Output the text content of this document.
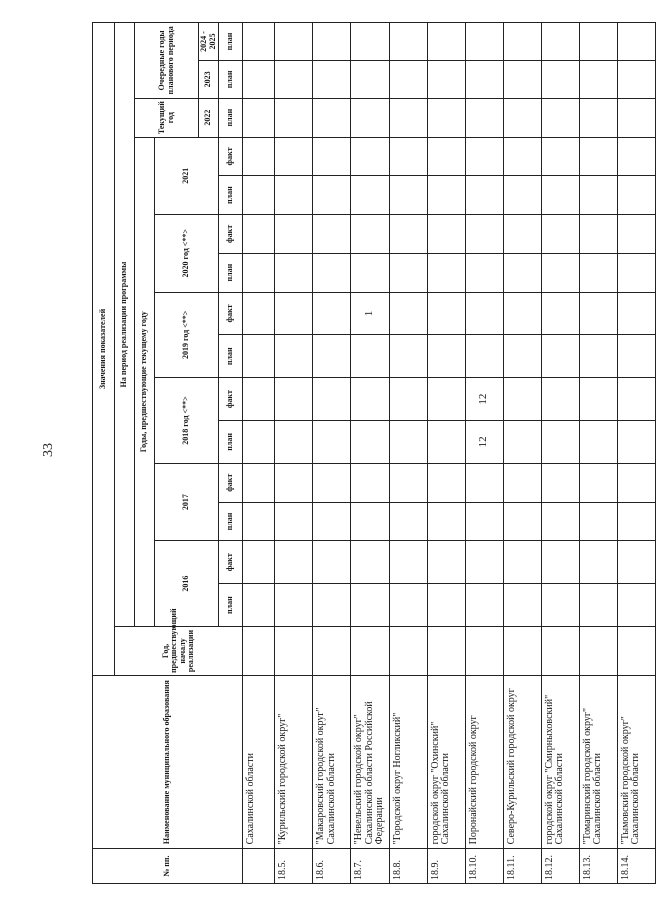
33
№ пп.	Наименование муниципального образования	Значения показателей															
		Год, предшествующий началу реализации	На период реализации программы														
			Годы, предшествующие текущему году												Текущий год	Очередные годы планового периода	
			2016		2017		2018 год <**>		2019 год <**>		2020 год <**>		2021				
															2022	2023	2024 - 2025
			план	факт	план	факт	план	факт	план	факт	план	факт	план	факт	план	план	план
	Сахалинской области																
18.5.	"Курильский городской округ"																
18.6.	"Макаровский городской округ" Сахалинской области																
18.7.	"Невельский городской округ" Сахалинской области Российской Федерации									1							
18.8.	"Городской округ Ногликский"																
18.9.	городской округ "Охинский" Сахалинской области																
18.10.	Поронайский городской округ						12	12									
18.11.	Северо-Курильский городской округ																
18.12.	городской округ "Смирныховский" Сахалинской области																
18.13.	"Томаринский городской округ" Сахалинской области																
18.14.	"Тымовский городской округ" Сахалинской области																
